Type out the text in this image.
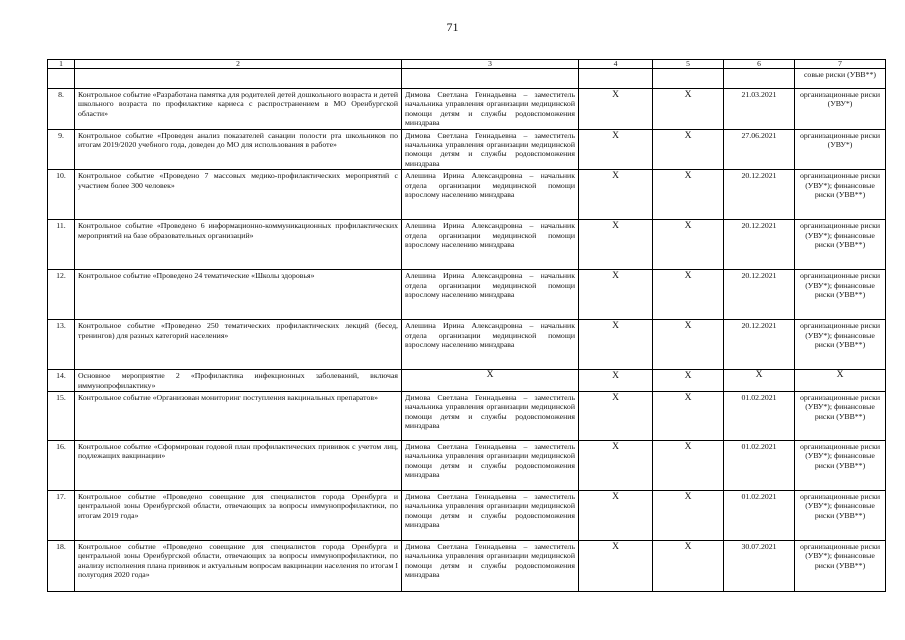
71
1	2	3	4	5	6	7
						совые риски (УВВ**)
8.	Контрольное событие «Разработана памятка для родителей детей дошкольного возраста и детей школьного возраста по профилактике кариеса с распространением в МО Оренбургской области»	Димова Светлана Геннадьевна – заместитель начальника управления организации медицинской помощи детям и службы родовспоможения минздрава	X	X	21.03.2021	организационные риски (УВУ*)
9.	Контрольное событие «Проведен анализ показателей санации полости рта школьников по итогам 2019/2020 учебного года, доведен до МО для использования в работе»	Димова Светлана Геннадьевна – заместитель начальника управления организации медицинской помощи детям и службы родовспоможения минздрава	X	X	27.06.2021	организационные риски (УВУ*)
10.	Контрольное событие «Проведено 7 массовых медико-профилактических мероприятий с участием более 300 человек»	Алешина Ирина Александровна – начальник отдела организации медицинской помощи взрослому населению минздрава	X	X	20.12.2021	организационные риски (УВУ*); финансовые риски (УВВ**)
11.	Контрольное событие «Проведено 6 информационно-коммуникационных профилактических мероприятий на базе образовательных организаций»	Алешина Ирина Александровна – начальник отдела организации медицинской помощи взрослому населению минздрава	X	X	20.12.2021	организационные риски (УВУ*); финансовые риски (УВВ**)
12.	Контрольное событие «Проведено 24 тематические «Школы здоровья»	Алешина Ирина Александровна – начальник отдела организации медицинской помощи взрослому населению минздрава	X	X	20.12.2021	организационные риски (УВУ*); финансовые риски (УВВ**)
13.	Контрольное событие «Проведено 250 тематических профилактических лекций (бесед, тренингов) для разных категорий населения»	Алешина Ирина Александровна – начальник отдела организации медицинской помощи взрослому населению минздрава	X	X	20.12.2021	организационные риски (УВУ*); финансовые риски (УВВ**)
14.	Основное мероприятие 2 «Профилактика инфекционных заболеваний, включая иммунопрофилактику»	X	X	X	X	X
15.	Контрольное событие «Организован мониторинг поступления вакцинальных препаратов»	Димова Светлана Геннадьевна – заместитель начальника управления организации медицинской помощи детям и службы родовспоможения минздрава	X	X	01.02.2021	организационные риски (УВУ*); финансовые риски (УВВ**)
16.	Контрольное событие «Сформирован годовой план профилактических прививок с учетом лиц, подлежащих вакцинации»	Димова Светлана Геннадьевна – заместитель начальника управления организации медицинской помощи детям и службы родовспоможения минздрава	X	X	01.02.2021	организационные риски (УВУ*); финансовые риски (УВВ**)
17.	Контрольное событие «Проведено совещание для специалистов города Оренбурга и центральной зоны Оренбургской области, отвечающих за вопросы иммунопрофилактики, по итогам 2019 года»	Димова Светлана Геннадьевна – заместитель начальника управления организации медицинской помощи детям и службы родовспоможения минздрава	X	X	01.02.2021	организационные риски (УВУ*); финансовые риски (УВВ**)
18.	Контрольное событие «Проведено совещание для специалистов города Оренбурга и центральной зоны Оренбургской области, отвечающих за вопросы иммунопрофилактики, по анализу исполнения плана прививок и актуальным вопросам вакцинации населения по итогам I полугодия 2020 года»	Димова Светлана Геннадьевна – заместитель начальника управления организации медицинской помощи детям и службы родовспоможения минздрава	X	X	30.07.2021	организационные риски (УВУ*); финансовые риски (УВВ**)
